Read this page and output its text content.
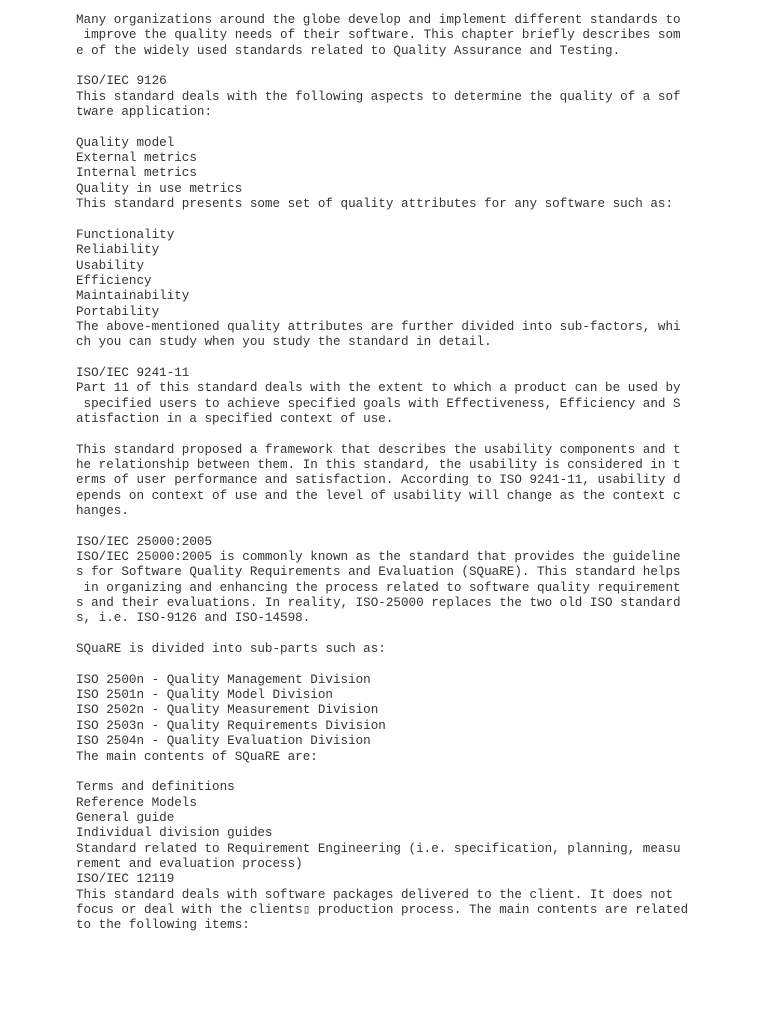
Many organizations around the globe develop and implement different standards to
improve the quality needs of their software. This chapter briefly describes som
e of the widely used standards related to Quality Assurance and Testing.
ISO/IEC 9126
This standard deals with the following aspects to determine the quality of a sof
tware application:
Quality model
External metrics
Internal metrics
Quality in use metrics
This standard presents some set of quality attributes for any software such as:
Functionality
Reliability
Usability
Efficiency
Maintainability
Portability
The above-mentioned quality attributes are further divided into sub-factors, whi
ch you can study when you study the standard in detail.
ISO/IEC 9241-11
Part 11 of this standard deals with the extent to which a product can be used by
specified users to achieve specified goals with Effectiveness, Efficiency and S
atisfaction in a specified context of use.
This standard proposed a framework that describes the usability components and t
he relationship between them. In this standard, the usability is considered in t
erms of user performance and satisfaction. According to ISO 9241-11, usability d
epends on context of use and the level of usability will change as the context c
hanges.
ISO/IEC 25000:2005
ISO/IEC 25000:2005 is commonly known as the standard that provides the guideline
s for Software Quality Requirements and Evaluation (SQuaRE). This standard helps
in organizing and enhancing the process related to software quality requirement
s and their evaluations. In reality, ISO-25000 replaces the two old ISO standard
s, i.e. ISO-9126 and ISO-14598.
SQuaRE is divided into sub-parts such as:
ISO 2500n - Quality Management Division
ISO 2501n - Quality Model Division
ISO 2502n - Quality Measurement Division
ISO 2503n - Quality Requirements Division
ISO 2504n - Quality Evaluation Division
The main contents of SQuaRE are:
Terms and definitions
Reference Models
General guide
Individual division guides
Standard related to Requirement Engineering (i.e. specification, planning, measu
rement and evaluation process)
ISO/IEC 12119
This standard deals with software packages delivered to the client. It does not
focus or deal with the clients▯ production process. The main contents are related
to the following items:
